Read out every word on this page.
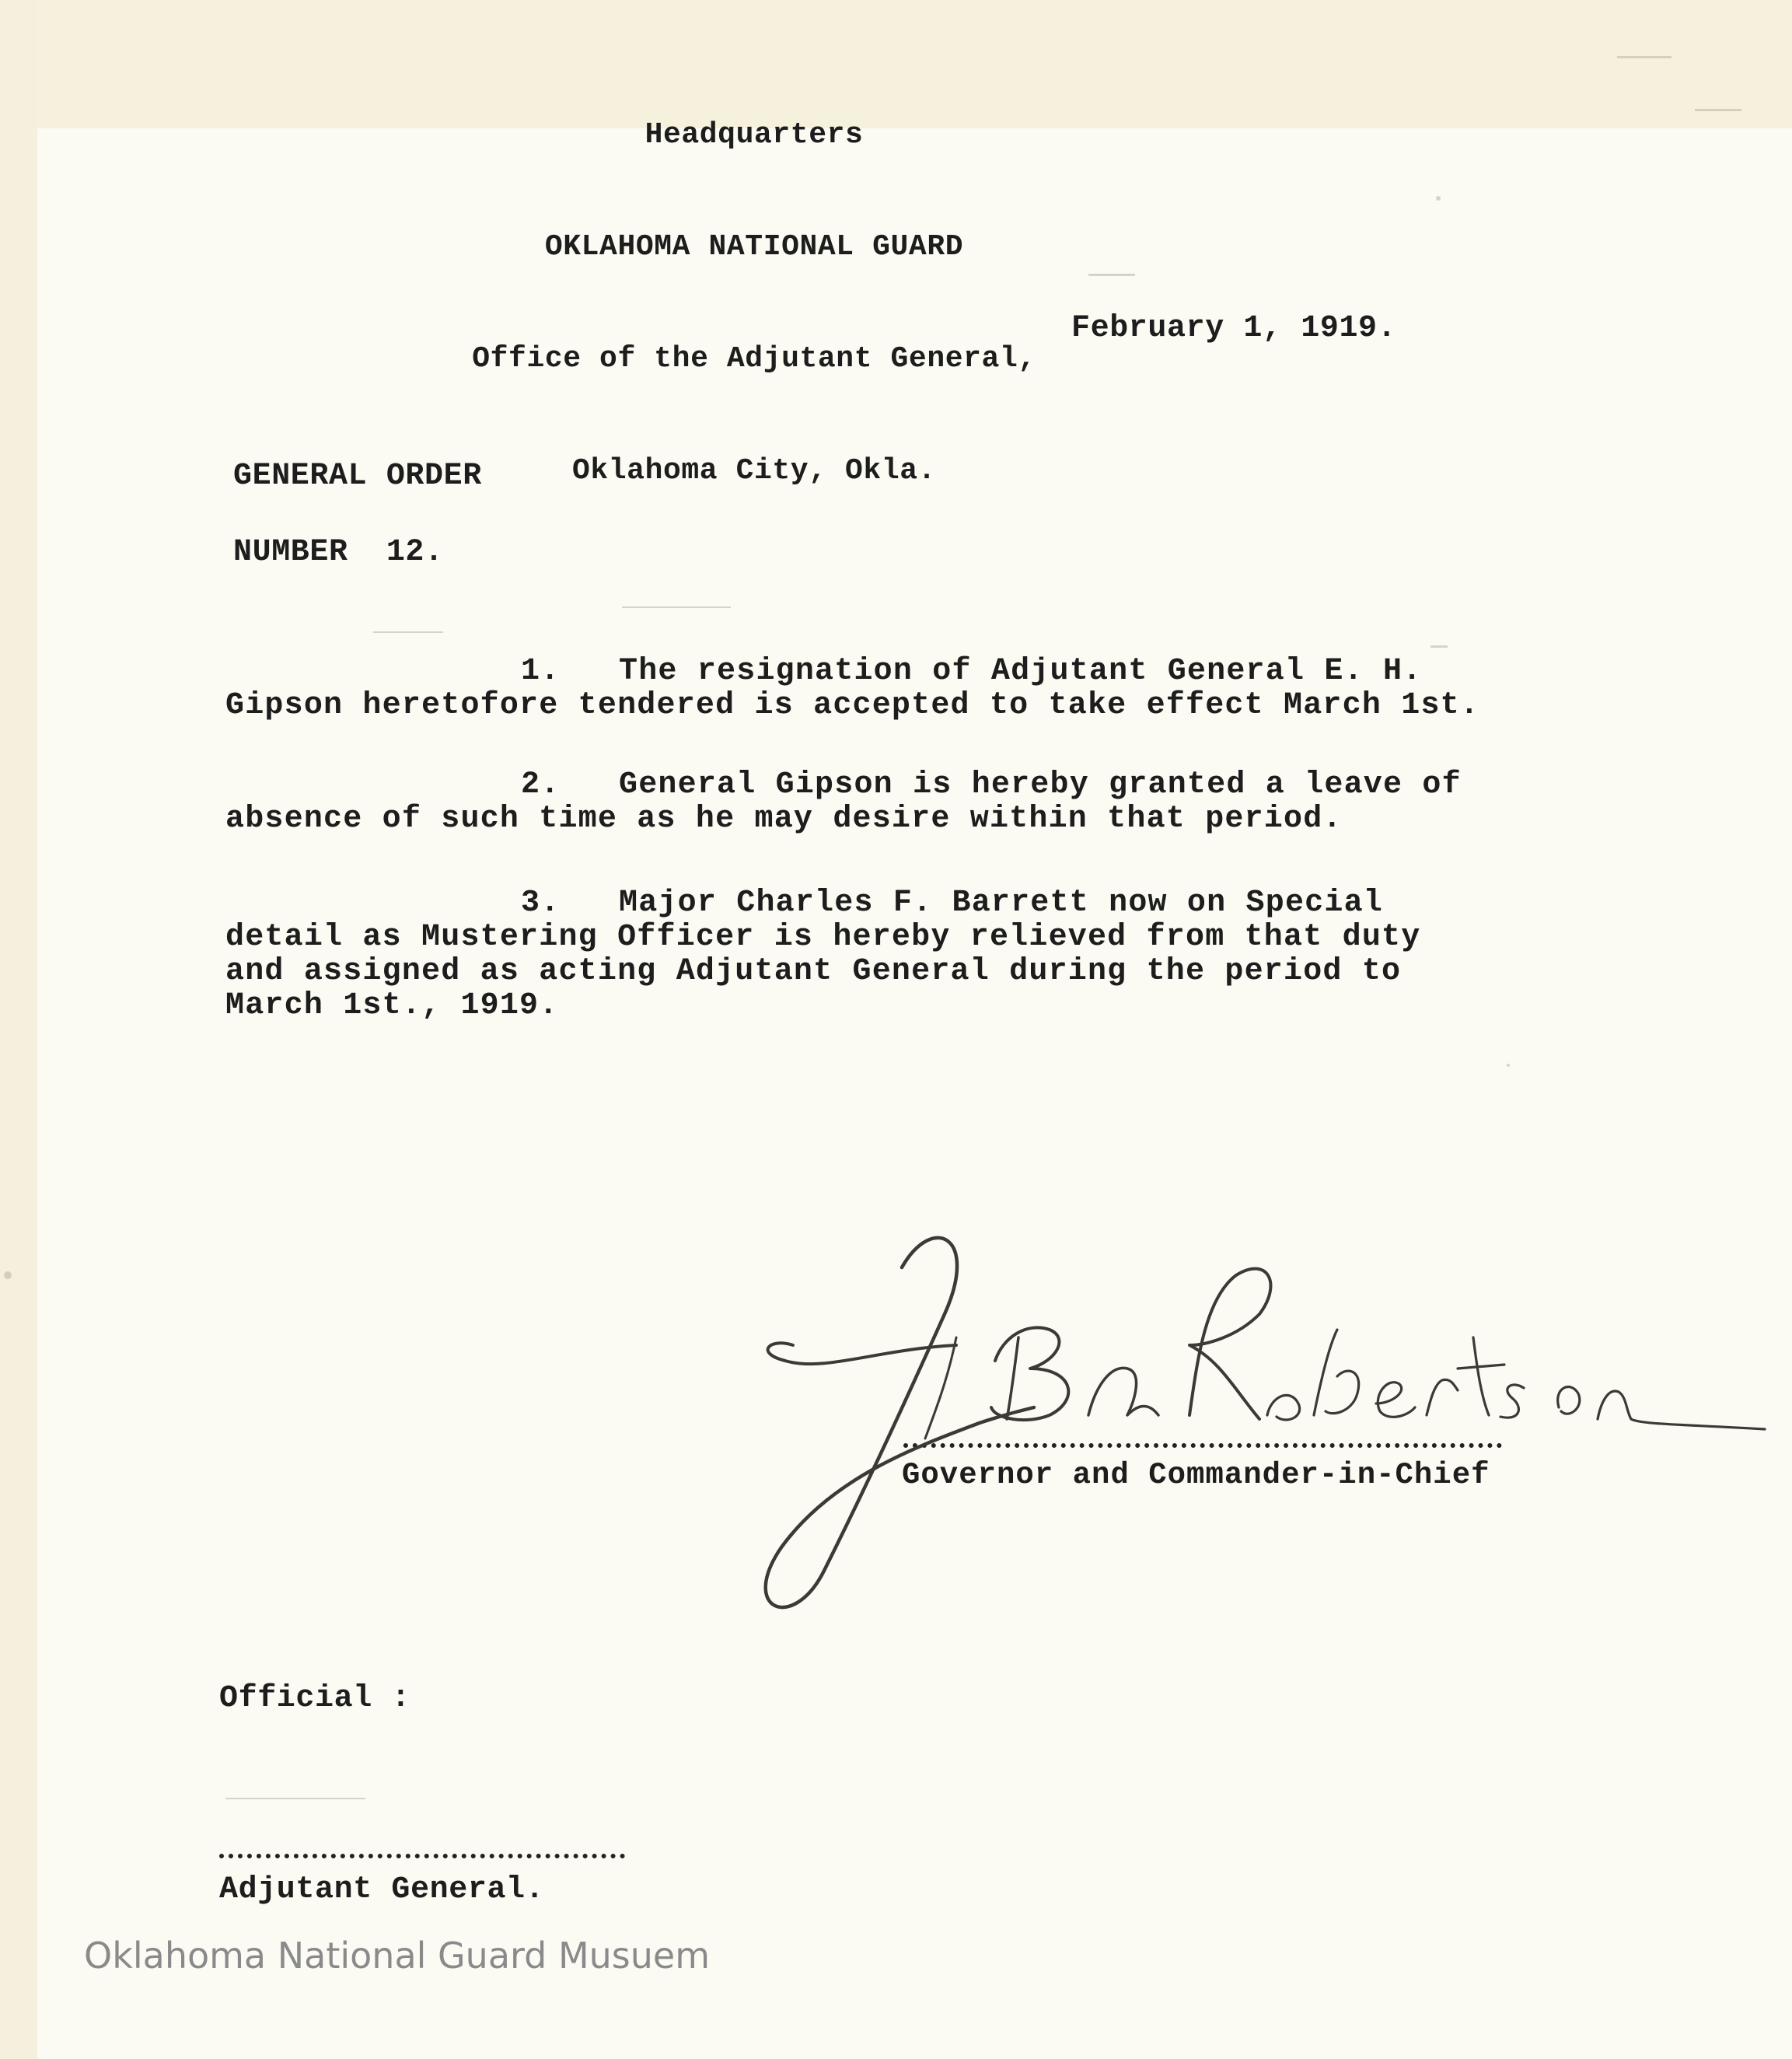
Headquarters

OKLAHOMA NATIONAL GUARD

Office of the Adjutant General,

Oklahoma City, Okla.

February 1, 1919.
GENERAL ORDER
NUMBER  12.
1.   The resignation of Adjutant General E. H.
Gipson heretofore tendered is accepted to take effect March 1st.
2.   General Gipson is hereby granted a leave of
absence of such time as he may desire within that period.
3.   Major Charles F. Barrett now on Special
detail as Mustering Officer is hereby relieved from that duty
and assigned as acting Adjutant General during the period to
March 1st., 1919.
Governor and Commander-in-Chief
Official :
Adjutant General.
Oklahoma National Guard Musuem
